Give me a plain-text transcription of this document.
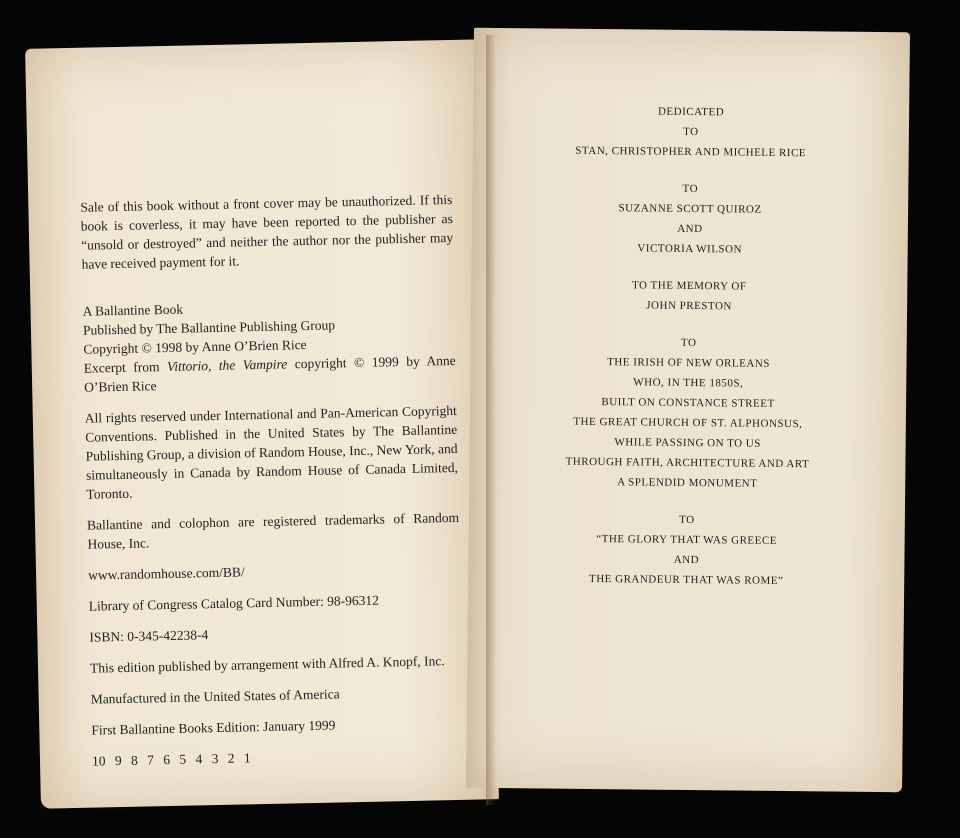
Sale of this book without a front cover may be unauthorized. If this book is coverless, it may have been reported to the publisher as “unsold or destroyed” and neither the author nor the publisher may have received payment for it.

A Ballantine Book

Published by The Ballantine Publishing Group

Copyright © 1998 by Anne O’Brien Rice

Excerpt from Vittorio, the Vampire copyright © 1999 by Anne O’Brien Rice

All rights reserved under International and Pan-American Copyright Conventions. Published in the United States by The Ballantine Publishing Group, a division of Random House, Inc., New York, and simultaneously in Canada by Random House of Canada Limited, Toronto.

Ballantine and colophon are registered trademarks of Random House, Inc.

www.randomhouse.com/BB/

Library of Congress Catalog Card Number: 98-96312

ISBN: 0-345-42238-4

This edition published by arrangement with Alfred A. Knopf, Inc.

Manufactured in the United States of America

First Ballantine Books Edition: January 1999

10 9 8 7 6 5 4 3 2 1

DEDICATED

TO

STAN, CHRISTOPHER AND MICHELE RICE

TO

SUZANNE SCOTT QUIROZ

AND

VICTORIA WILSON

TO THE MEMORY OF

JOHN PRESTON

TO

THE IRISH OF NEW ORLEANS

WHO, IN THE 1850S,

BUILT ON CONSTANCE STREET

THE GREAT CHURCH OF ST. ALPHONSUS,

WHILE PASSING ON TO US

THROUGH FAITH, ARCHITECTURE AND ART

A SPLENDID MONUMENT

TO

“THE GLORY THAT WAS GREECE

AND

THE GRANDEUR THAT WAS ROME”
